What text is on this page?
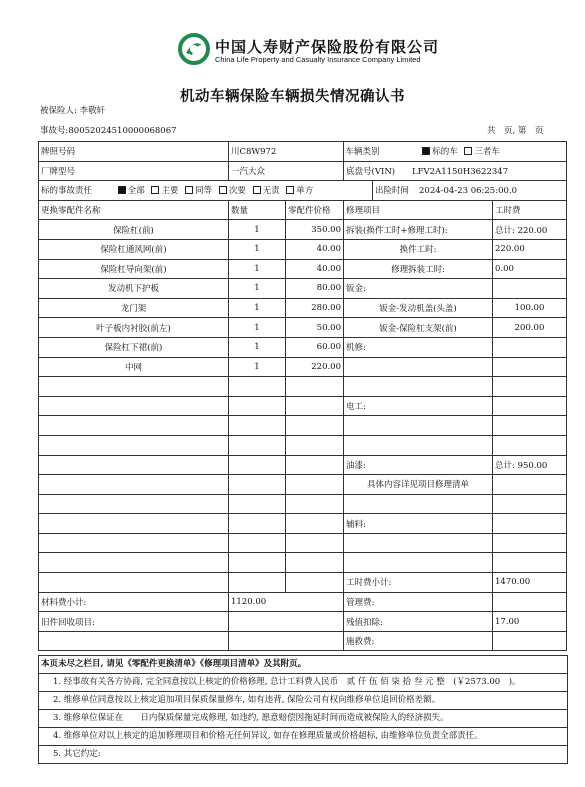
中国人寿财产保险股份有限公司
China Life Property and Casualty Insurance Company Limited
机动车辆保险车辆损失情况确认书
被保险人: 李敬轩
事故号:80052024510000068067	共　页, 第　页
牌照号码	川C8W972			车辆类别 标的车 三者车	
厂牌型号	一汽大众		底盘号(VIN) LFV2A1150H3622347		
标的事故责任 全部 主要 同等 次要 无责 单方				出险时间 2024-04-23 06:25:00.0	
更换零配件名称	数量	零配件价格	修理项目		工时费
保险杠(前)	1	350.00	拆装(换件工时+修理工时):		总计: 220.00
保险杠通风网(前)	1	40.00	换件工时:		220.00
保险杠导向架(前)	1	40.00	修理拆装工时:		0.00
发动机下护板	1	80.00	钣金:		
龙门架	1	280.00	钣金-发动机盖(头盖)		100.00
叶子板内衬胶(前左)	1	50.00	钣金-保险杠支架(前)		200.00
保险杠下裙(前)	1	60.00	机修:		
中网	1	220.00			

			电工:		

			油漆:		总计: 950.00
			具体内容详见项目修理清单		

			辅料:		

			工时费小计:		1470.00
材料费小计:	1120.00		管理费:		
旧件回收项目:			残值扣除:		17.00
			施救费:		
本页未尽之栏目, 请见《零配件更换清单》《修理项目清单》及其附页。
1. 经事故有关各方协商, 完全同意按以上核定的价格修理, 总计工料费人民币　贰 仟 伍 佰 柒 拾 叁 元 整　(￥2573.00　)。
2. 维修单位同意按以上核定追加项目保质保量修车, 如有违背, 保险公司有权向维修单位追回价格差额。
3. 维修单位保证在　　日内保质保量完成修理, 如违约, 愿意赔偿因拖延时间而造成被保险人的经济损失。
4. 维修单位对以上核定的追加修理项目和价格无任何异议, 如存在修理质量或价格超标, 由维修单位负责全部责任。
5. 其它约定:
